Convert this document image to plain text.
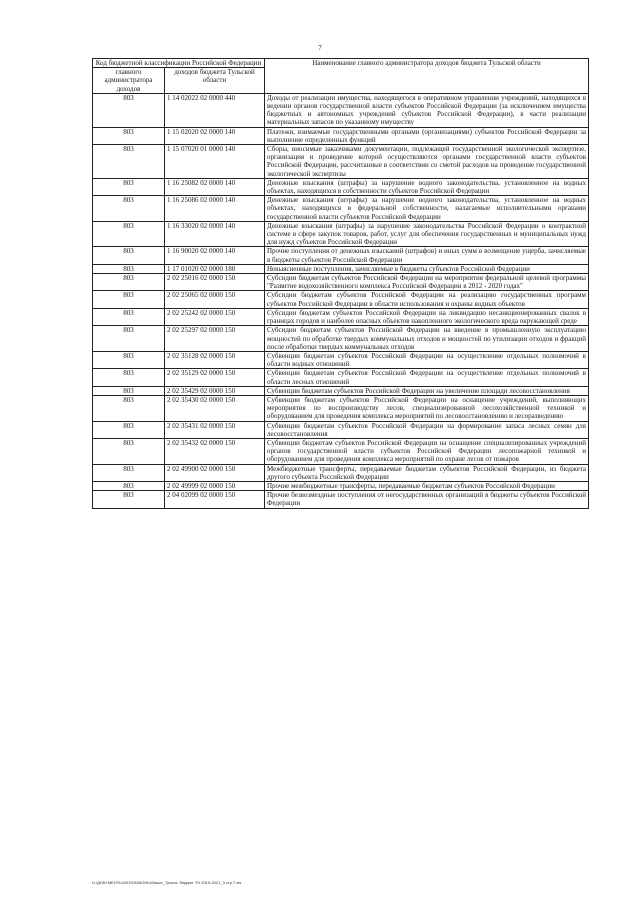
7
Код бюджетной классификации Российской Федерации		Наименование главного администратора доходов бюджета Тульской области
главного администратора доходов	доходов бюджета Тульской области	
803	1 14 02022 02 0000 440	Доходы от реализации имущества, находящегося в оперативном управлении учреждений, находящихся в ведении органов государственной власти субъектов Российской Федерации (за исключением имущества бюджетных и автономных учреждений субъектов Российской Федерации), в части реализации материальных запасов по указанному имуществу
803	1 15 02020 02 0000 140	Платежи, взимаемые государственными органами (организациями) субъектов Российской Федерации за выполнение определенных функций
803	1 15 07020 01 0000 140	Сборы, вносимые заказчиками документации, подлежащей государственной экологической экспертизе, организация и проведение которой осуществляются органами государственной власти субъектов Российской Федерации, рассчитанные в соответствии со сметой расходов на проведение государственной экологической экспертизы
803	1 16 25082 02 0000 140	Денежные взыскания (штрафы) за нарушение водного законодательства, установленное на водных объектах, находящихся в собственности субъектов Российской Федерации
803	1 16 25086 02 0000 140	Денежные взыскания (штрафы) за нарушение водного законодательства, установленное на водных объектах, находящихся в федеральной собственности, налагаемые исполнительными органами государственной власти субъектов Российской Федерации
803	1 16 33020 02 0000 140	Денежные взыскания (штрафы) за нарушение законодательства Российской Федерации о контрактной системе в сфере закупок товаров, работ, услуг для обеспечения государственных и муниципальных нужд для нужд субъектов Российской Федерации
803	1 16 90020 02 0000 140	Прочие поступления от денежных взысканий (штрафов) и иных сумм в возмещение ущерба, зачисляемые в бюджеты субъектов Российской Федерации
803	1 17 01020 02 0000 180	Невыясненные поступления, зачисляемые в бюджеты субъектов Российской Федерации
803	2 02 25016 02 0000 150	Субсидии бюджетам субъектов Российской Федерации на мероприятия федеральной целевой программы "Развитие водохозяйственного комплекса Российской Федерации в 2012 - 2020 годах"
803	2 02 25065 02 0000 150	Субсидии бюджетам субъектов Российской Федерации на реализацию государственных программ субъектов Российской Федерации в области использования и охраны водных объектов
803	2 02 25242 02 0000 150	Субсидии бюджетам субъектов Российской Федерации на ликвидацию несанкционированных свалок в границах городов и наиболее опасных объектов накопленного экологического вреда окружающей среде
803	2 02 25297 02 0000 150	Субсидии бюджетам субъектов Российской Федерации на введение в промышленную эксплуатацию мощностей по обработке твердых коммунальных отходов и мощностей по утилизации отходов и фракций после обработки твердых коммунальных отходов
803	2 02 35128 02 0000 150	Субвенции бюджетам субъектов Российской Федерации на осуществление отдельных полномочий в области водных отношений
803	2 02 35129 02 0000 150	Субвенции бюджетам субъектов Российской Федерации на осуществление отдельных полномочий в области лесных отношений
803	2 02 35429 02 0000 150	Субвенции бюджетам субъектов Российской Федерации на увеличение площади лесовосстановления
803	2 02 35430 02 0000 150	Субвенции бюджетам субъектов Российской Федерации на оснащение учреждений, выполняющих мероприятия по воспроизводству лесов, специализированной лесохозяйственной техникой и оборудованием для проведения комплекса мероприятий по лесовосстановлению и лесоразведению
803	2 02 35431 02 0000 150	Субвенции бюджетам субъектов Российской Федерации на формирование запаса лесных семян для лесовосстановления
803	2 02 35432 02 0000 150	Субвенции бюджетам субъектов Российской Федерации на оснащение специализированных учреждений органов государственной власти субъектов Российской Федерации лесопожарной техникой и оборудованием для проведения комплекса мероприятий по охране лесов от пожаров
803	2 02 49900 02 0000 150	Межбюджетные трансферты, передаваемые бюджетам субъектов Российской Федерации, из бюджета другого субъекта Российской Федерации
803	2 02 49999 02 0000 150	Прочие межбюджетные трансферты, передаваемые бюджетам субъектов Российской Федерации
803	2 04 02099 02 0000 150	Прочие безвозмездные поступления от негосударственных организаций в бюджеты субъектов Российской Федерации
D:\ДОКУМЕНТЫ\2019\ЗАКОНЫ\Закон_Тульск. бюджет ТО 2019-2021_3 стр.7.xls
